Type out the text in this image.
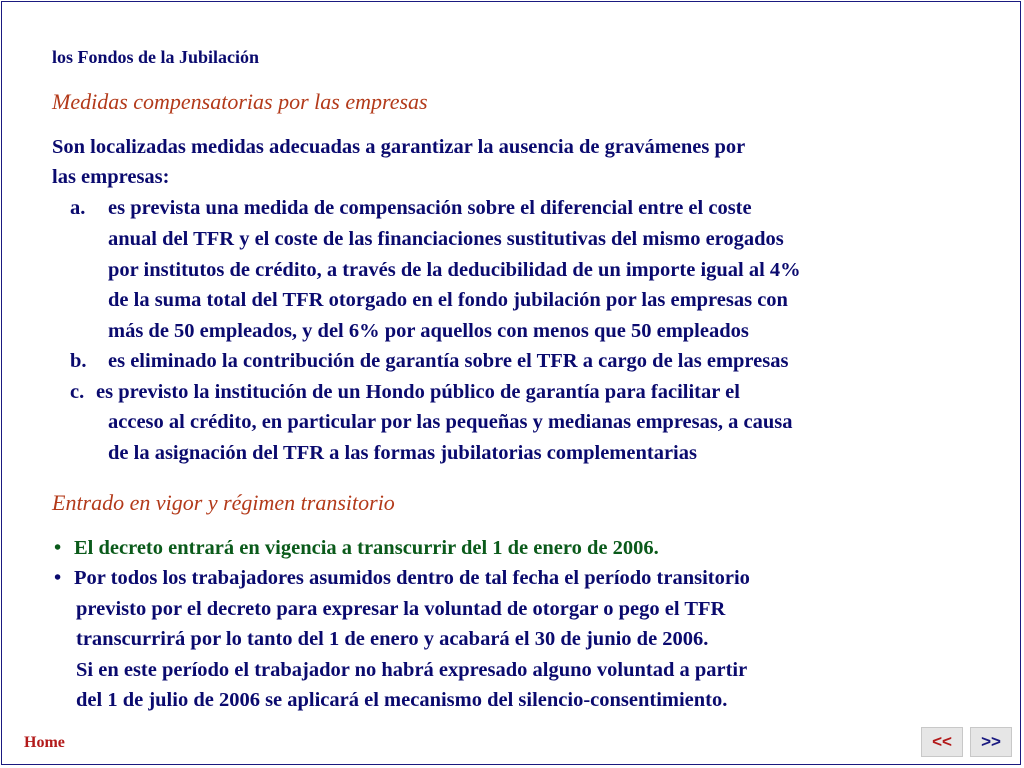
los Fondos de la Jubilación
Medidas compensatorias por las empresas
Son localizadas medidas adecuadas a garantizar la ausencia de gravámenes por
las empresas:
a. es prevista una medida de compensación sobre el diferencial entre el coste
anual del TFR y el coste de las financiaciones sustitutivas del mismo erogados
por institutos de crédito, a través de la deducibilidad de un importe igual al 4%
de la suma total del TFR otorgado en el fondo jubilación por las empresas con
más de 50 empleados, y del 6% por aquellos con menos que 50 empleados
b. es eliminado la contribución de garantía sobre el TFR a cargo de las empresas
c. es previsto la institución de un Hondo público de garantía para facilitar el
acceso al crédito, en particular por las pequeñas y medianas empresas, a causa
de la asignación del TFR a las formas jubilatorias complementarias
Entrado en vigor y régimen transitorio
• El decreto entrará en vigencia a transcurrir del 1 de enero de 2006.
• Por todos los trabajadores asumidos dentro de tal fecha el período transitorio
previsto por el decreto para expresar la voluntad de otorgar o pego el TFR
transcurrirá por lo tanto del 1 de enero y acabará el 30 de junio de 2006.
Si en este período el trabajador no habrá expresado alguno voluntad a partir
del 1 de julio de 2006 se aplicará el mecanismo del silencio-consentimiento.
Home	<<	>>
